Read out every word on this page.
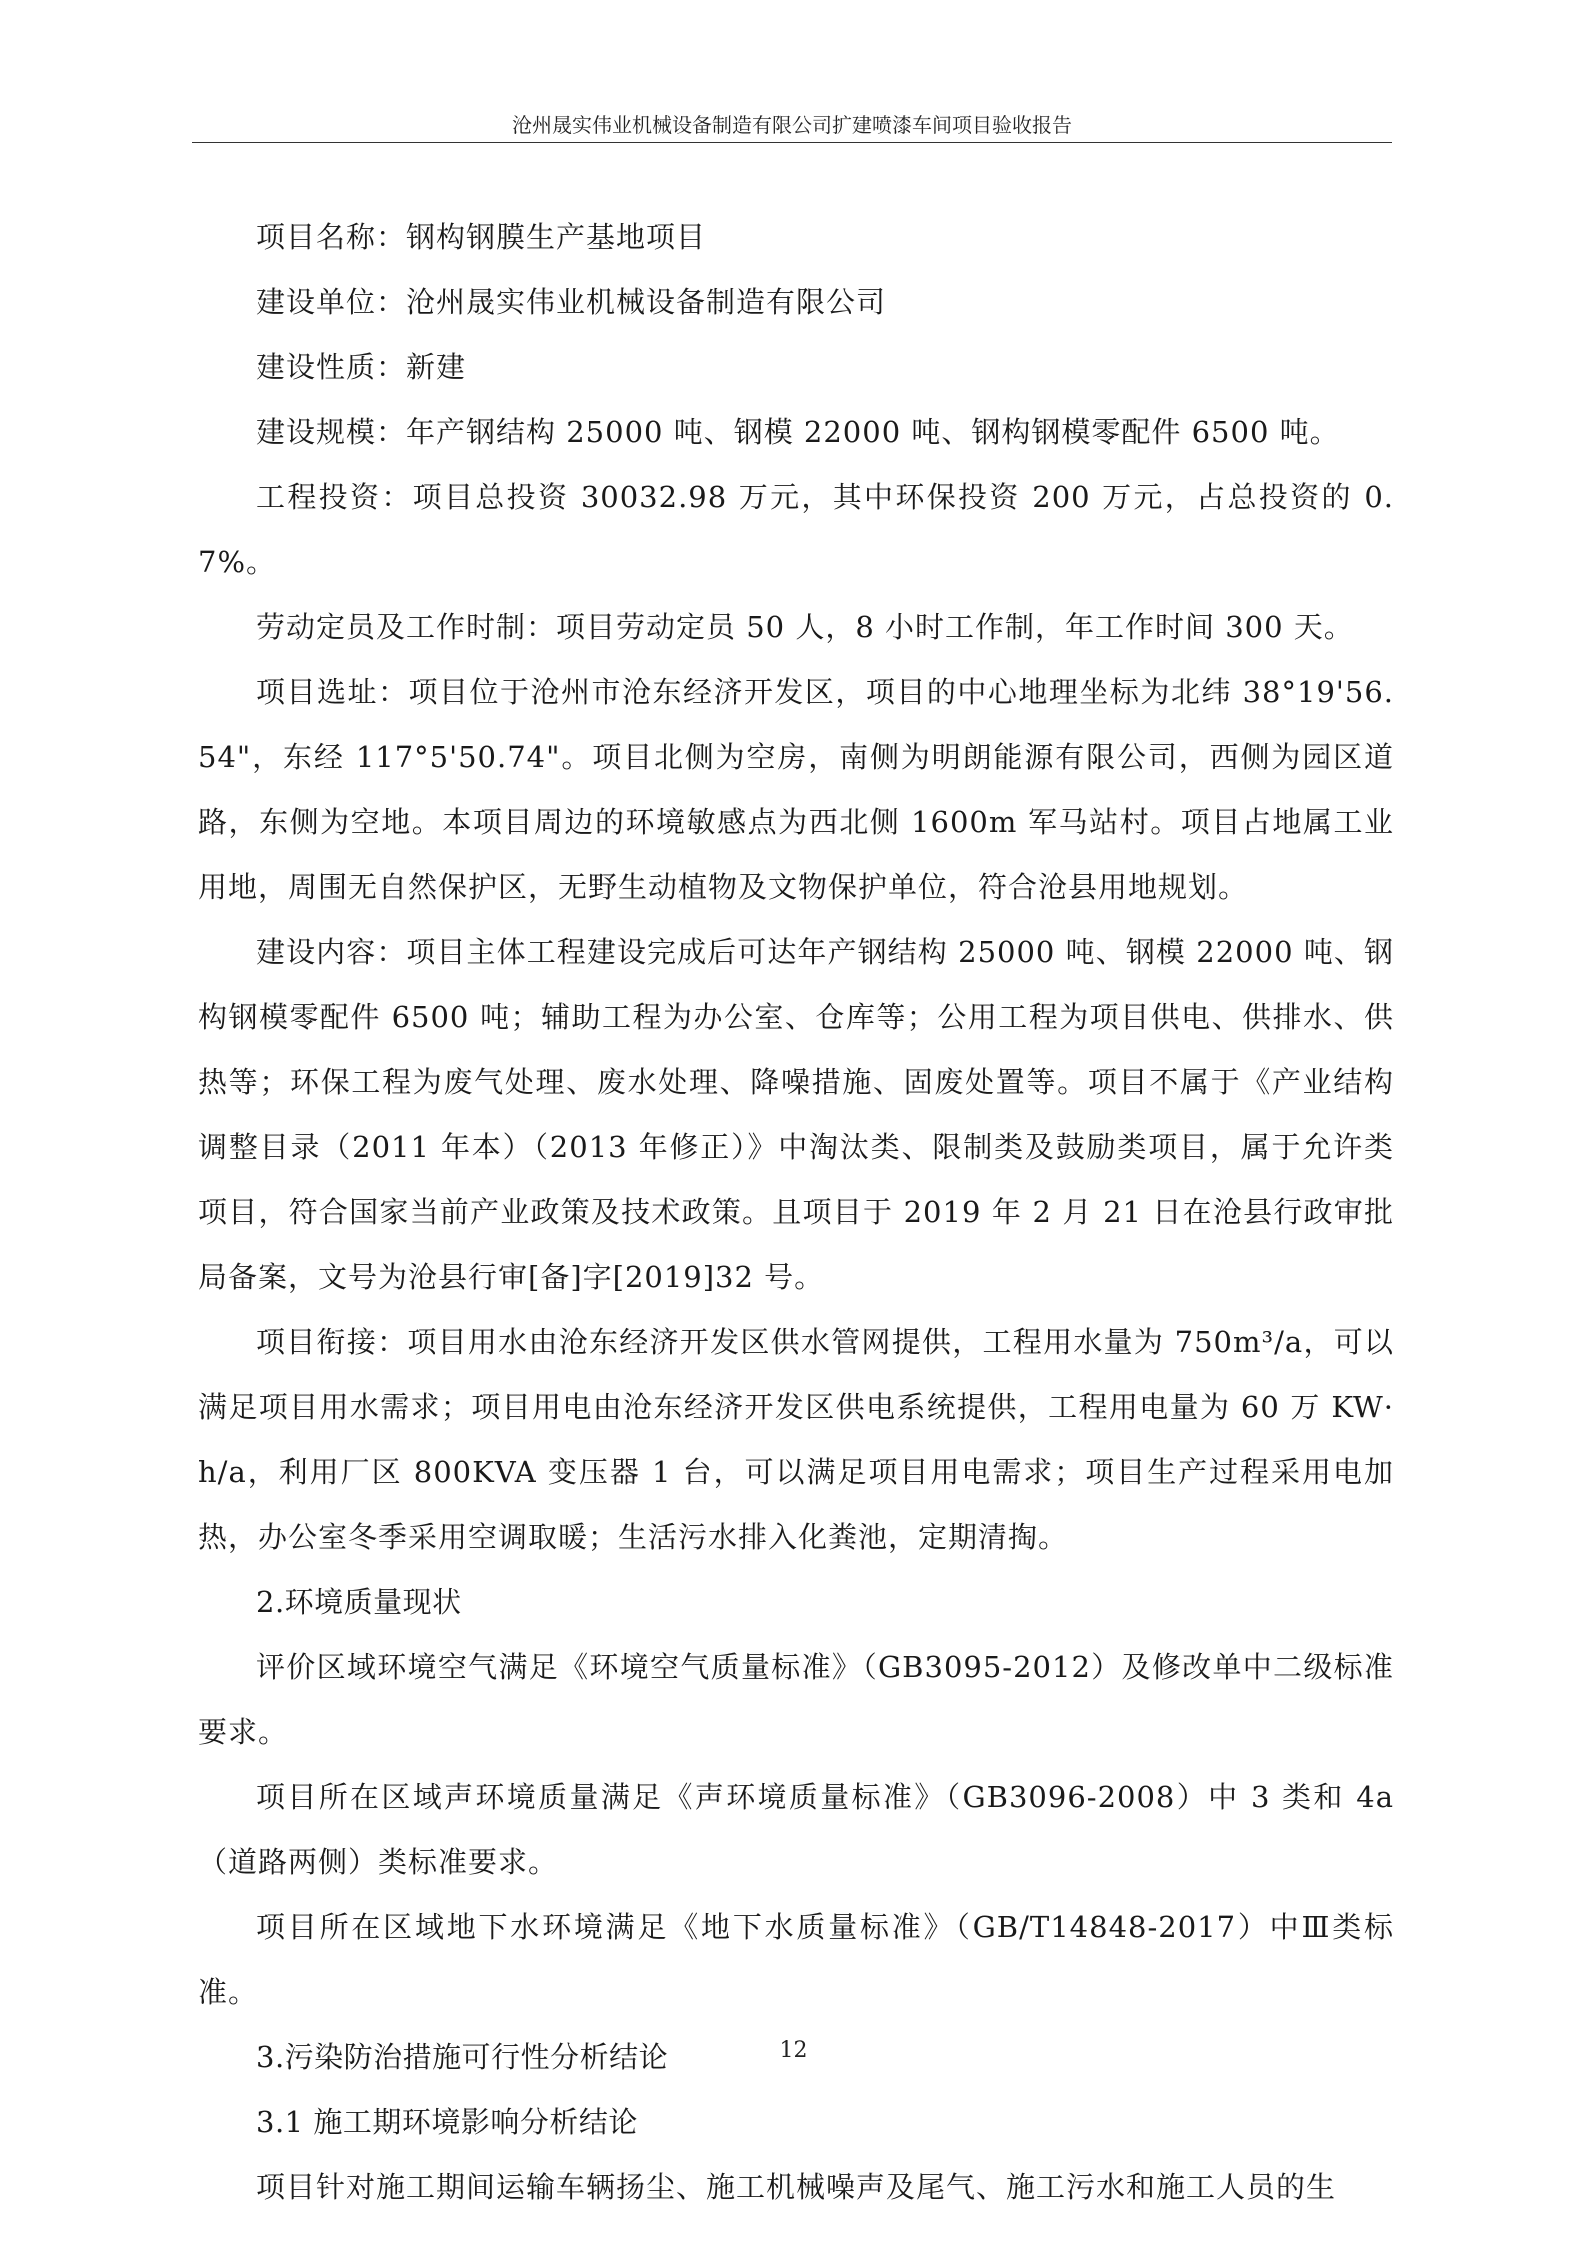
沧州晟实伟业机械设备制造有限公司扩建喷漆车间项目验收报告

项目名称：钢构钢膜生产基地项目

建设单位：沧州晟实伟业机械设备制造有限公司

建设性质：新建

建设规模：年产钢结构 25000 吨、钢模 22000 吨、钢构钢模零配件 6500 吨。

工程投资：项目总投资 30032.98 万元，其中环保投资 200 万元，占总投资的 0.7%。

劳动定员及工作时制：项目劳动定员 50 人，8 小时工作制，年工作时间 300 天。

项目选址：项目位于沧州市沧东经济开发区，项目的中心地理坐标为北纬 38°19'56.54"，东经 117°5'50.74"。项目北侧为空房，南侧为明朗能源有限公司，西侧为园区道路，东侧为空地。本项目周边的环境敏感点为西北侧 1600m 军马站村。项目占地属工业用地，周围无自然保护区，无野生动植物及文物保护单位，符合沧县用地规划。

建设内容：项目主体工程建设完成后可达年产钢结构 25000 吨、钢模 22000 吨、钢构钢模零配件 6500 吨；辅助工程为办公室、仓库等；公用工程为项目供电、供排水、供热等；环保工程为废气处理、废水处理、降噪措施、固废处置等。项目不属于《产业结构调整目录（2011 年本）（2013 年修正）》中淘汰类、限制类及鼓励类项目，属于允许类项目，符合国家当前产业政策及技术政策。且项目于 2019 年 2 月 21 日在沧县行政审批局备案，文号为沧县行审[备]字[2019]32 号。

项目衔接：项目用水由沧东经济开发区供水管网提供，工程用水量为 750m³/a，可以满足项目用水需求；项目用电由沧东经济开发区供电系统提供，工程用电量为 60 万 KW·h/a，利用厂区 800KVA 变压器 1 台，可以满足项目用电需求；项目生产过程采用电加热，办公室冬季采用空调取暖；生活污水排入化粪池，定期清掏。

2.环境质量现状

评价区域环境空气满足《环境空气质量标准》（GB3095-2012）及修改单中二级标准要求。

项目所在区域声环境质量满足《声环境质量标准》（GB3096-2008）中 3 类和 4a（道路两侧）类标准要求。

项目所在区域地下水环境满足《地下水质量标准》（GB/T14848-2017）中Ⅲ类标准。

3.污染防治措施可行性分析结论

3.1 施工期环境影响分析结论

项目针对施工期间运输车辆扬尘、施工机械噪声及尾气、施工污水和施工人员的生

12
